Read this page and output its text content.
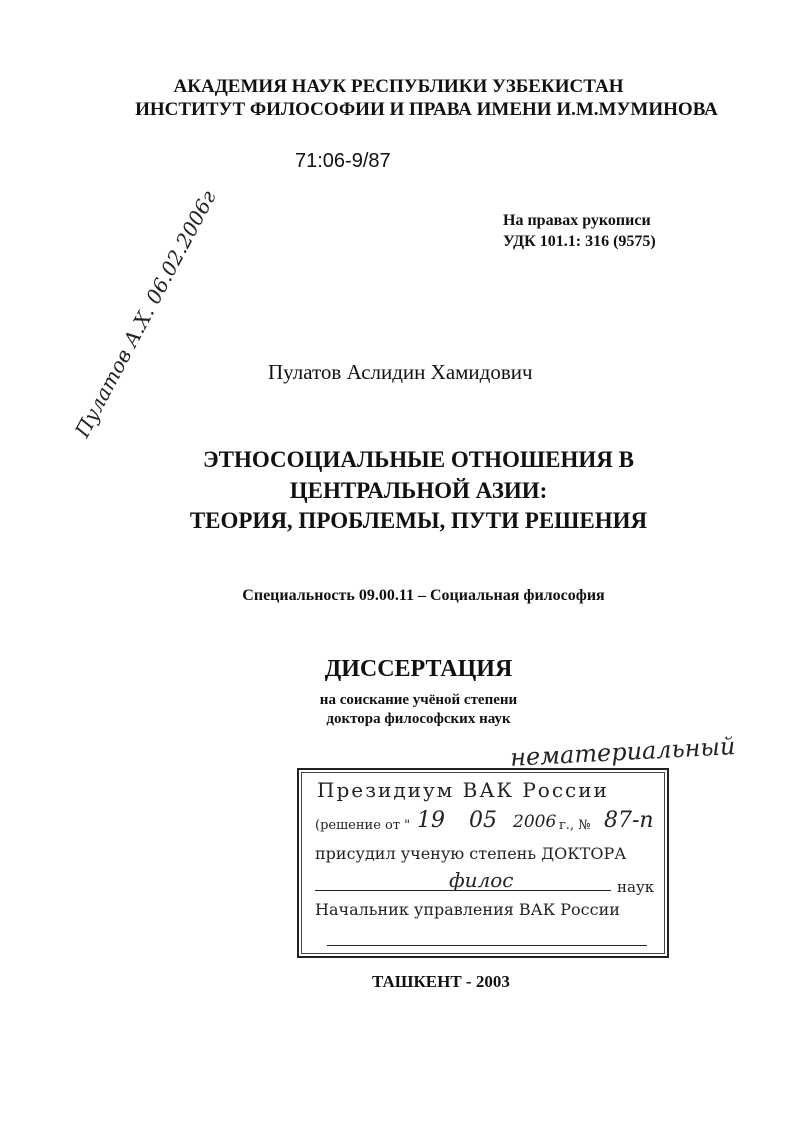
АКАДЕМИЯ НАУК РЕСПУБЛИКИ УЗБЕКИСТАН
ИНСТИТУТ ФИЛОСОФИИ И ПРАВА ИМЕНИ И.М.МУМИНОВА
71:06-9/87
На правах рукописи
УДК 101.1: 316 (9575)
Пулатов А.Х. 06.02.2006г Пулатов Аслидин Хамидович
ЭТНОСОЦИАЛЬНЫЕ ОТНОШЕНИЯ В
ЦЕНТРАЛЬНОЙ АЗИИ:
ТЕОРИЯ, ПРОБЛЕМЫ, ПУТИ РЕШЕНИЯ
Специальность 09.00.11 – Социальная философия
ДИССЕРТАЦИЯ
на соискание учёной степени
доктора философских наук
нематериальный
Президиум ВАК России
(решение от " 19 05 2006 г., № 87-п
присудил ученую степень ДОКТОРА
филос	наук
Начальник управления ВАК России
ТАШКЕНТ - 2003
